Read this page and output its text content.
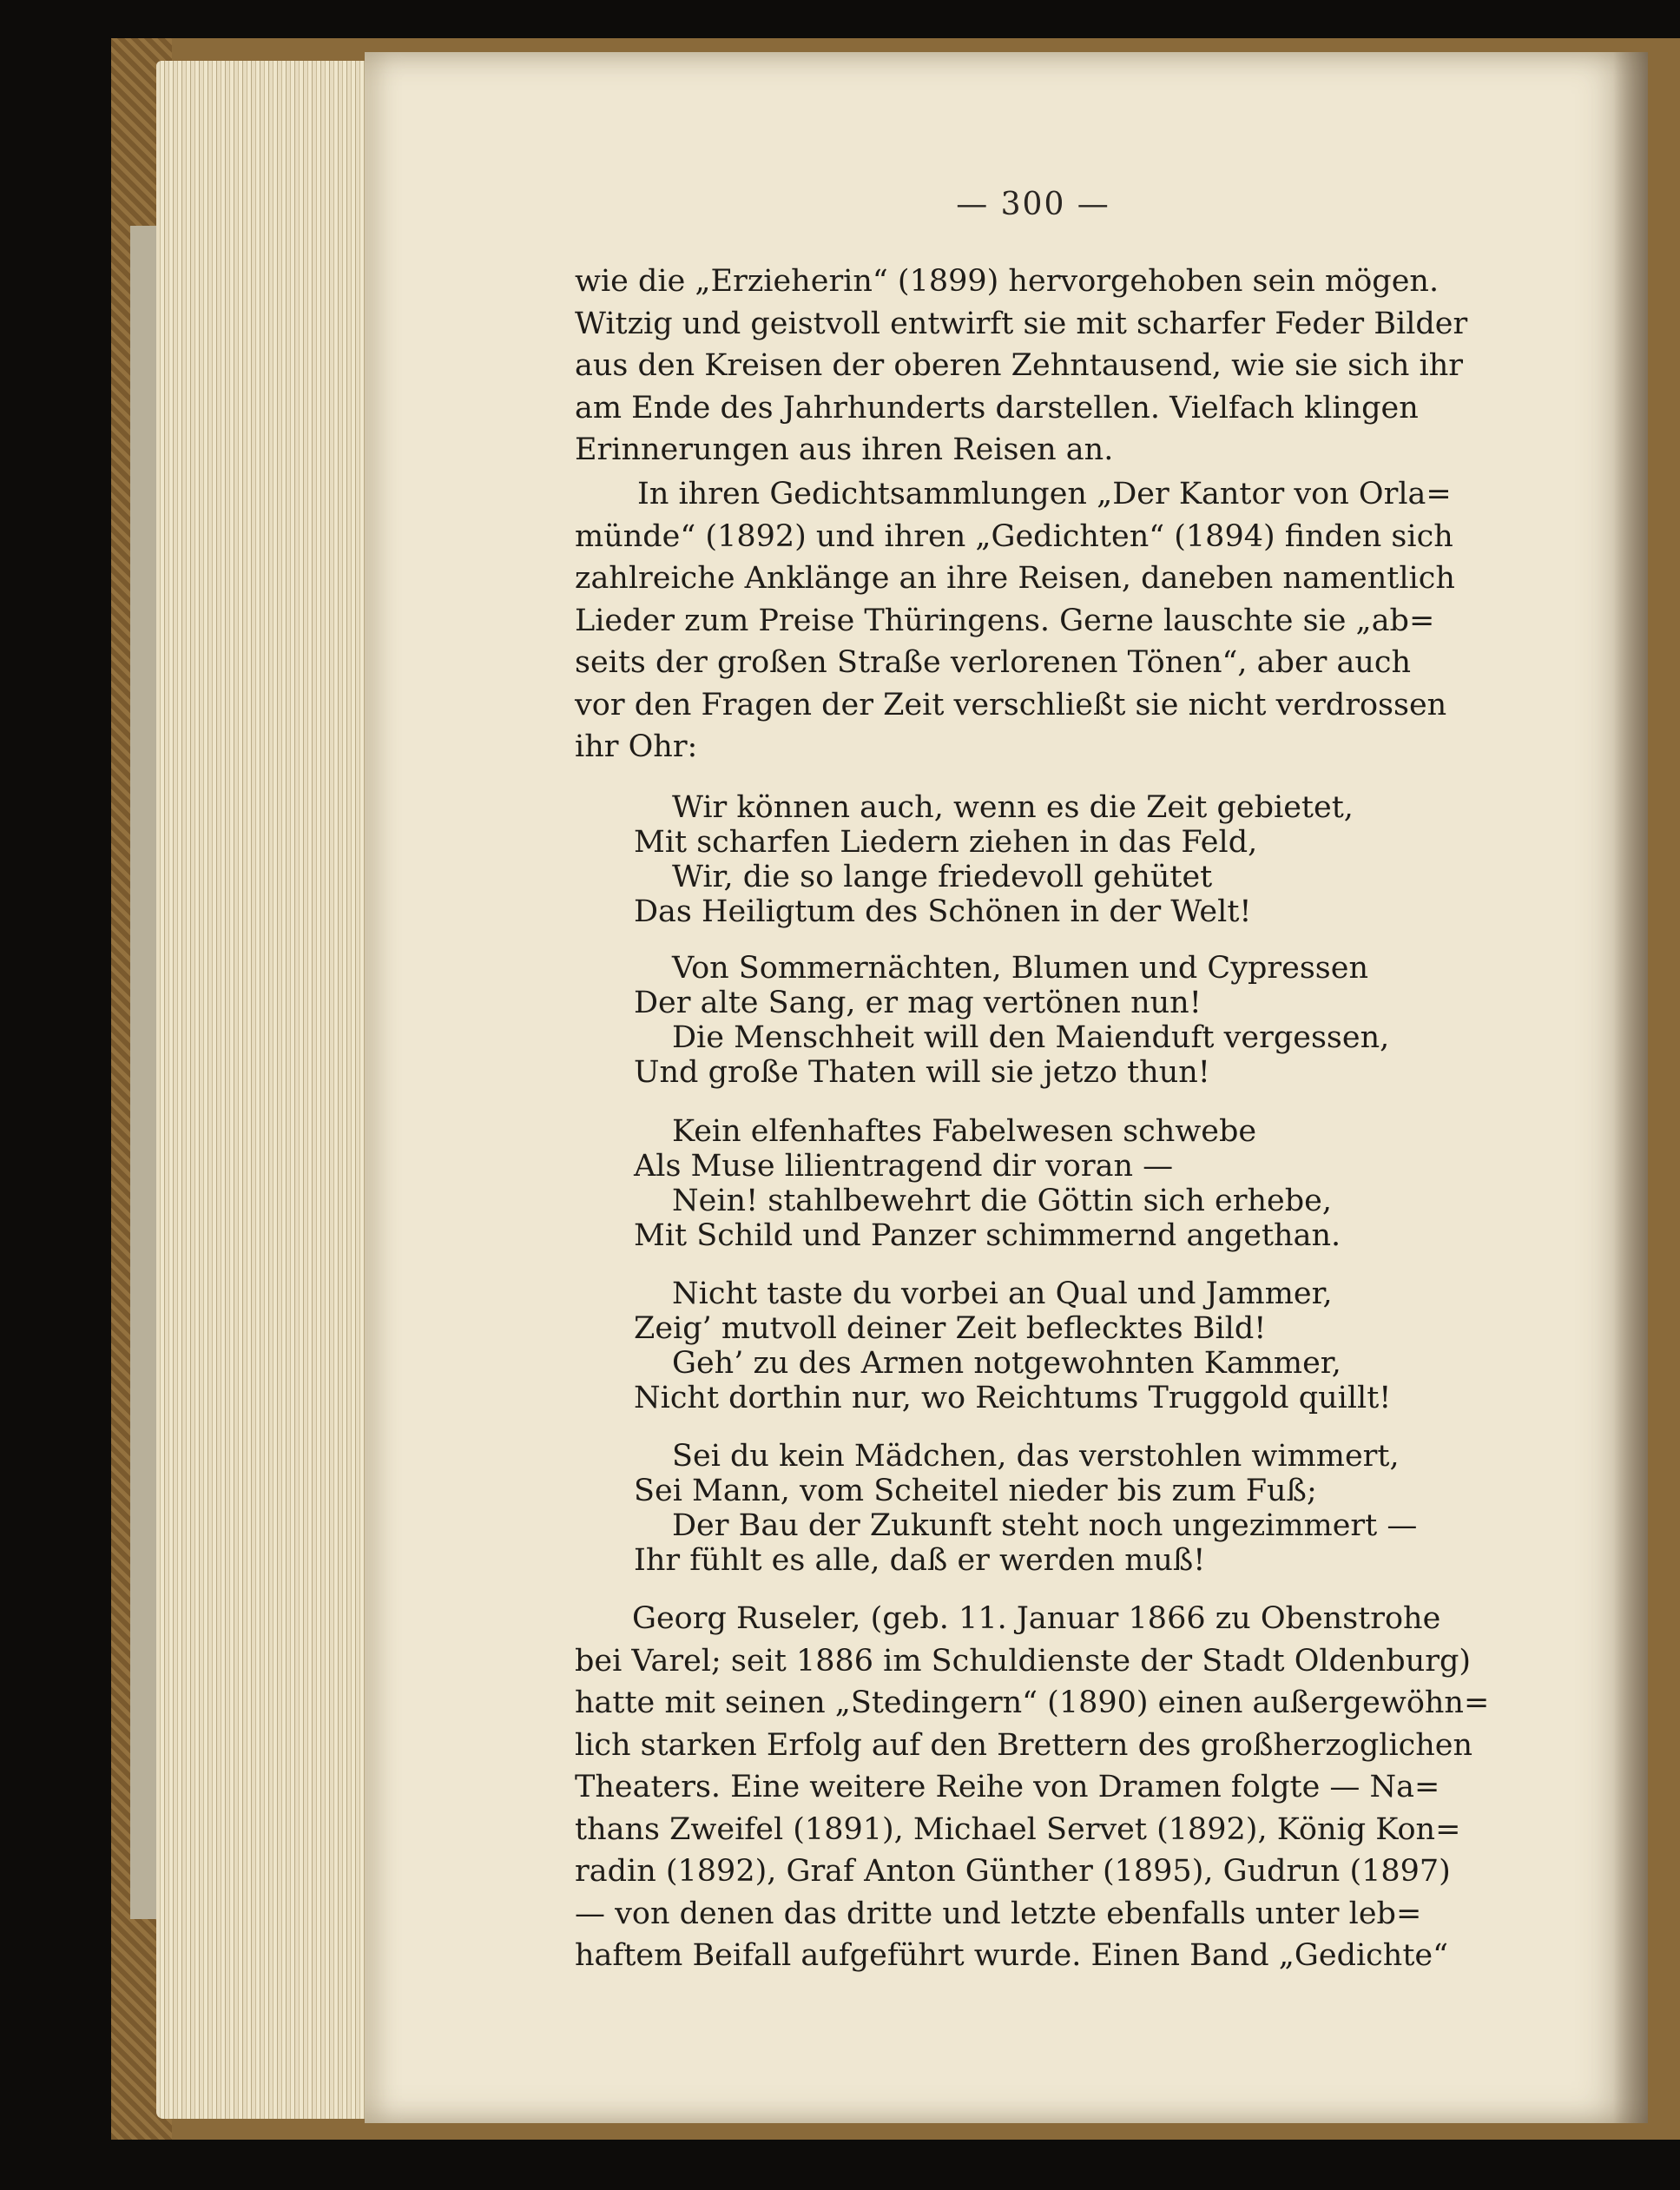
— 300 —
wie die „Erzieherin“ (1899) hervorgehoben sein mögen.
Witzig und geistvoll entwirft sie mit scharfer Feder Bilder
aus den Kreisen der oberen Zehntausend, wie sie sich ihr
am Ende des Jahrhunderts darstellen. Vielfach klingen
Erinnerungen aus ihren Reisen an.
In ihren Gedichtsammlungen „Der Kantor von Orla=
münde“ (1892) und ihren „Gedichten“ (1894) finden sich
zahlreiche Anklänge an ihre Reisen, daneben namentlich
Lieder zum Preise Thüringens. Gerne lauschte sie „ab=
seits der großen Straße verlorenen Tönen“, aber auch
vor den Fragen der Zeit verschließt sie nicht verdrossen
ihr Ohr:
Wir können auch, wenn es die Zeit gebietet,
Mit scharfen Liedern ziehen in das Feld,
Wir, die so lange friedevoll gehütet
Das Heiligtum des Schönen in der Welt!
Von Sommernächten, Blumen und Cypressen
Der alte Sang, er mag vertönen nun!
Die Menschheit will den Maienduft vergessen,
Und große Thaten will sie jetzo thun!
Kein elfenhaftes Fabelwesen schwebe
Als Muse lilientragend dir voran —
Nein! stahlbewehrt die Göttin sich erhebe,
Mit Schild und Panzer schimmernd angethan.
Nicht taste du vorbei an Qual und Jammer,
Zeig’ mutvoll deiner Zeit beflecktes Bild!
Geh’ zu des Armen notgewohnten Kammer,
Nicht dorthin nur, wo Reichtums Truggold quillt!
Sei du kein Mädchen, das verstohlen wimmert,
Sei Mann, vom Scheitel nieder bis zum Fuß;
Der Bau der Zukunft steht noch ungezimmert —
Ihr fühlt es alle, daß er werden muß!
Georg Ruseler, (geb. 11. Januar 1866 zu Obenstrohe
bei Varel; seit 1886 im Schuldienste der Stadt Oldenburg)
hatte mit seinen „Stedingern“ (1890) einen außergewöhn=
lich starken Erfolg auf den Brettern des großherzoglichen
Theaters. Eine weitere Reihe von Dramen folgte — Na=
thans Zweifel (1891), Michael Servet (1892), König Kon=
radin (1892), Graf Anton Günther (1895), Gudrun (1897)
— von denen das dritte und letzte ebenfalls unter leb=
haftem Beifall aufgeführt wurde. Einen Band „Gedichte“
